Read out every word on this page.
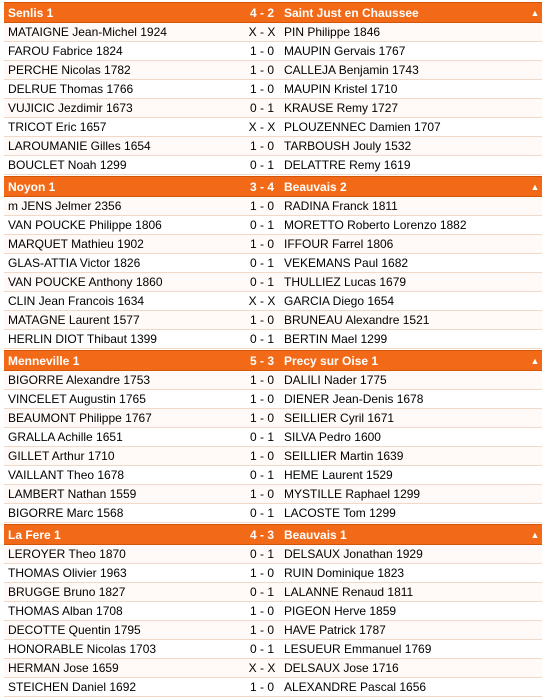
Senlis 1	4 - 2 Saint Just en Chaussee	▲
MATAIGNE Jean-Michel 1924	X - X PIN Philippe 1846
FAROU Fabrice 1824	1 - 0 MAUPIN Gervais 1767
PERCHE Nicolas 1782	1 - 0 CALLEJA Benjamin 1743
DELRUE Thomas 1766	1 - 0 MAUPIN Kristel 1710
VUJICIC Jezdimir 1673	0 - 1 KRAUSE Remy 1727
TRICOT Eric 1657	X - X PLOUZENNEC Damien 1707
LAROUMANIE Gilles 1654	1 - 0 TARBOUSH Jouly 1532
BOUCLET Noah 1299	0 - 1 DELATTRE Remy 1619
Noyon 1	3 - 4 Beauvais 2	▲
m JENS Jelmer 2356	1 - 0 RADINA Franck 1811
VAN POUCKE Philippe 1806	0 - 1 MORETTO Roberto Lorenzo 1882
MARQUET Mathieu 1902	1 - 0 IFFOUR Farrel 1806
GLAS-ATTIA Victor 1826	0 - 1 VEKEMANS Paul 1682
VAN POUCKE Anthony 1860	0 - 1 THULLIEZ Lucas 1679
CLIN Jean Francois 1634	X - X GARCIA Diego 1654
MATAGNE Laurent 1577	1 - 0 BRUNEAU Alexandre 1521
HERLIN DIOT Thibaut 1399	0 - 1 BERTIN Mael 1299
Menneville 1	5 - 3 Precy sur Oise 1	▲
BIGORRE Alexandre 1753	1 - 0 DALILI Nader 1775
VINCELET Augustin 1765	1 - 0 DIENER Jean-Denis 1678
BEAUMONT Philippe 1767	1 - 0 SEILLIER Cyril 1671
GRALLA Achille 1651	0 - 1 SILVA Pedro 1600
GILLET Arthur 1710	1 - 0 SEILLIER Martin 1639
VAILLANT Theo 1678	0 - 1 HEME Laurent 1529
LAMBERT Nathan 1559	1 - 0 MYSTILLE Raphael 1299
BIGORRE Marc 1568	0 - 1 LACOSTE Tom 1299
La Fere 1	4 - 3 Beauvais 1	▲
LEROYER Theo 1870	0 - 1 DELSAUX Jonathan 1929
THOMAS Olivier 1963	1 - 0 RUIN Dominique 1823
BRUGGE Bruno 1827	0 - 1 LALANNE Renaud 1811
THOMAS Alban 1708	1 - 0 PIGEON Herve 1859
DECOTTE Quentin 1795	1 - 0 HAVE Patrick 1787
HONORABLE Nicolas 1703	0 - 1 LESUEUR Emmanuel 1769
HERMAN Jose 1659	X - X DELSAUX Jose 1716
STEICHEN Daniel 1692	1 - 0 ALEXANDRE Pascal 1656
